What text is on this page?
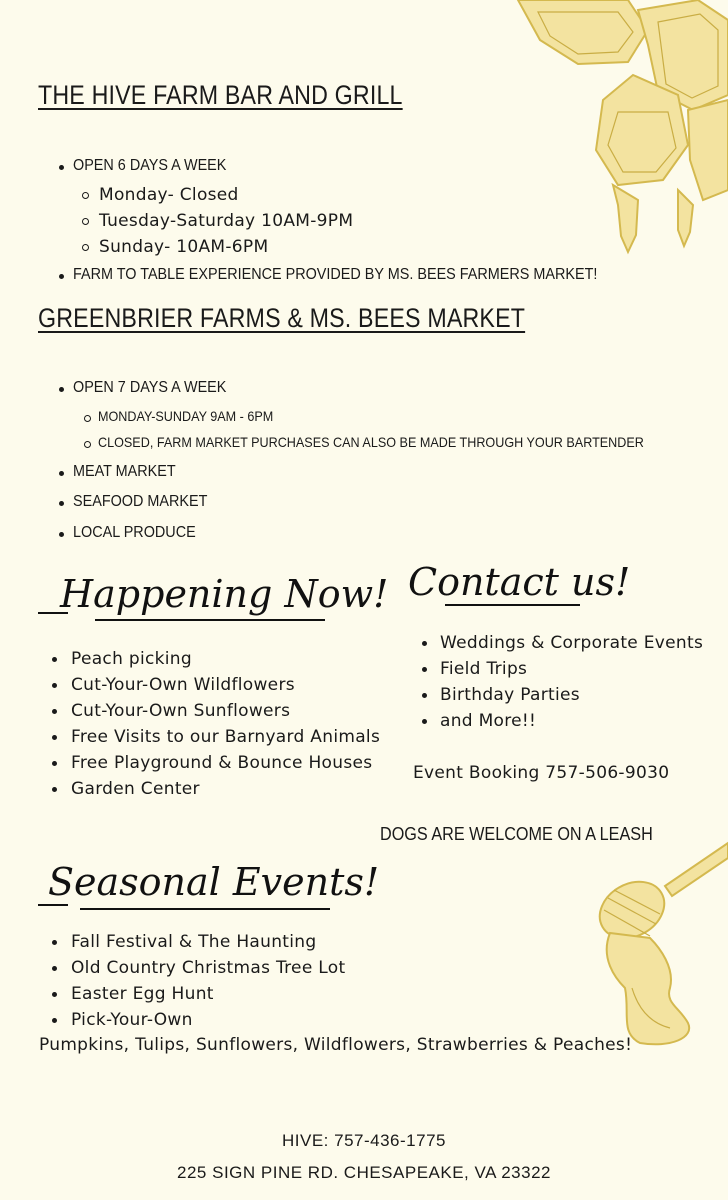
THE HIVE FARM BAR AND GRILL
OPEN 6 DAYS A WEEK
Monday- Closed
Tuesday-Saturday 10AM-9PM
Sunday- 10AM-6PM
FARM TO TABLE EXPERIENCE PROVIDED BY MS. BEES FARMERS MARKET!
GREENBRIER FARMS & MS. BEES MARKET
OPEN 7 DAYS A WEEK
MONDAY-SUNDAY 9AM - 6PM
CLOSED, FARM MARKET PURCHASES CAN ALSO BE MADE THROUGH YOUR BARTENDER
MEAT MARKET
SEAFOOD MARKET
LOCAL PRODUCE
Happening Now!
Peach picking
Cut-Your-Own Wildflowers
Cut-Your-Own Sunflowers
Free Visits to our Barnyard Animals
Free Playground & Bounce Houses
Garden Center
Contact us!
Weddings & Corporate Events
Field Trips
Birthday Parties
and More!!
Event Booking 757-506-9030
DOGS ARE WELCOME ON A LEASH
Seasonal Events!
Fall Festival & The Haunting
Old Country Christmas Tree Lot
Easter Egg Hunt
Pick-Your-Own
Pumpkins, Tulips, Sunflowers, Wildflowers, Strawberries & Peaches!
HIVE: 757-436-1775
225 SIGN PINE RD. CHESAPEAKE, VA 23322
